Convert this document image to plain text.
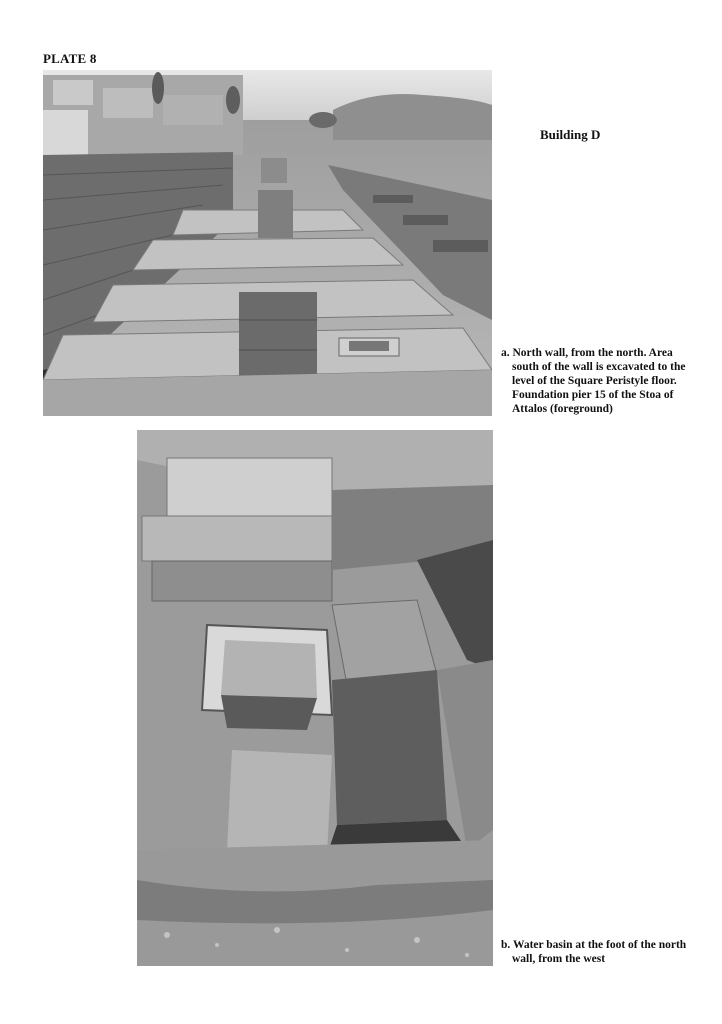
PLATE 8
Building D
a. North wall, from the north. Area south of the wall is excavated to the level of the Square Peristyle floor. Foundation pier 15 of the Stoa of Attalos (foreground)
b. Water basin at the foot of the north wall, from the west
